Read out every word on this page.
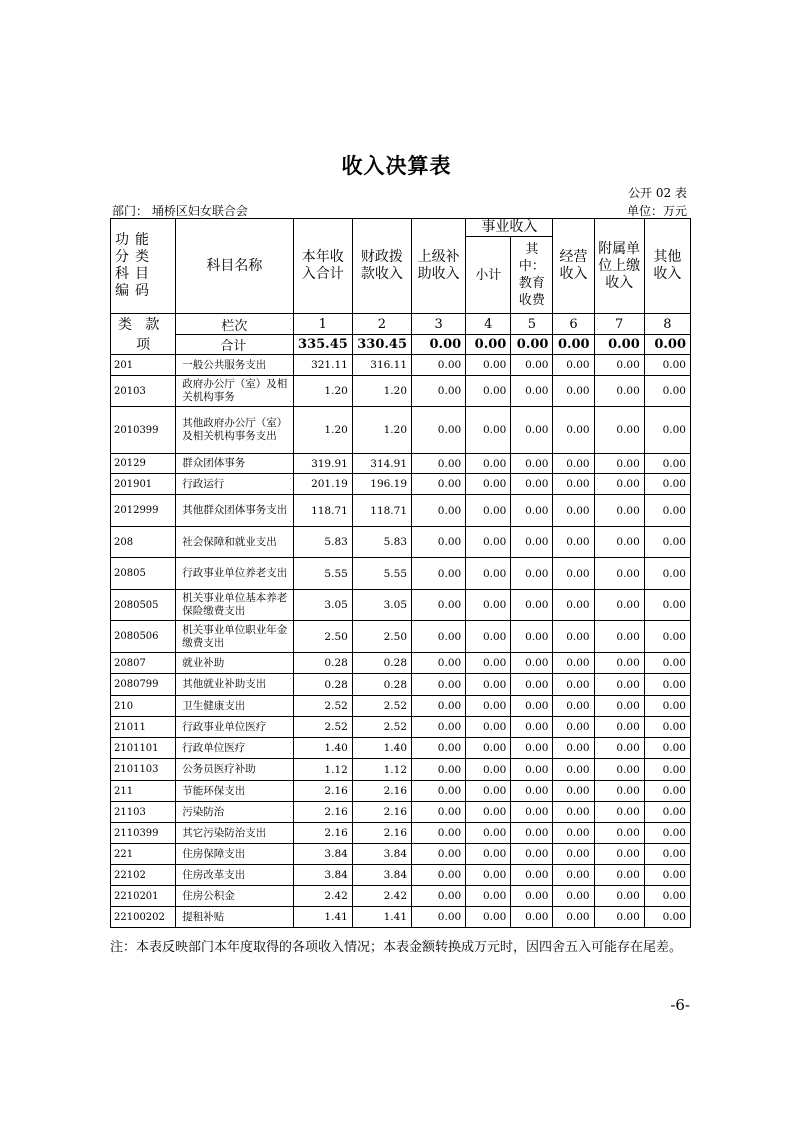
收入决算表
公开 02 表
部门： 埇桥区妇女联合会	单位：万元
功能分类科目编码	科目名称	本年收入合计	财政拨款收入	上级补助收入	事业收入		经营收入	附属单位上缴收入	其他收入
					小计	其中：教育收费			
类 款   项	栏次	1	2	3	4	5	6	7	8
	合计	335.45	330.45	0.00	0.00	0.00	0.00	0.00	0.00
201	一般公共服务支出	321.11	316.11	0.00	0.00	0.00	0.00	0.00	0.00
20103	政府办公厅（室）及相关机构事务	1.20	1.20	0.00	0.00	0.00	0.00	0.00	0.00
2010399	其他政府办公厅（室）及相关机构事务支出	1.20	1.20	0.00	0.00	0.00	0.00	0.00	0.00
20129	群众团体事务	319.91	314.91	0.00	0.00	0.00	0.00	0.00	0.00
201901	行政运行	201.19	196.19	0.00	0.00	0.00	0.00	0.00	0.00
2012999	其他群众团体事务支出	118.71	118.71	0.00	0.00	0.00	0.00	0.00	0.00
208	社会保障和就业支出	5.83	5.83	0.00	0.00	0.00	0.00	0.00	0.00
20805	行政事业单位养老支出	5.55	5.55	0.00	0.00	0.00	0.00	0.00	0.00
2080505	机关事业单位基本养老保险缴费支出	3.05	3.05	0.00	0.00	0.00	0.00	0.00	0.00
2080506	机关事业单位职业年金缴费支出	2.50	2.50	0.00	0.00	0.00	0.00	0.00	0.00
20807	就业补助	0.28	0.28	0.00	0.00	0.00	0.00	0.00	0.00
2080799	其他就业补助支出	0.28	0.28	0.00	0.00	0.00	0.00	0.00	0.00
210	卫生健康支出	2.52	2.52	0.00	0.00	0.00	0.00	0.00	0.00
21011	行政事业单位医疗	2.52	2.52	0.00	0.00	0.00	0.00	0.00	0.00
2101101	行政单位医疗	1.40	1.40	0.00	0.00	0.00	0.00	0.00	0.00
2101103	公务员医疗补助	1.12	1.12	0.00	0.00	0.00	0.00	0.00	0.00
211	节能环保支出	2.16	2.16	0.00	0.00	0.00	0.00	0.00	0.00
21103	污染防治	2.16	2.16	0.00	0.00	0.00	0.00	0.00	0.00
2110399	其它污染防治支出	2.16	2.16	0.00	0.00	0.00	0.00	0.00	0.00
221	住房保障支出	3.84	3.84	0.00	0.00	0.00	0.00	0.00	0.00
22102	住房改革支出	3.84	3.84	0.00	0.00	0.00	0.00	0.00	0.00
2210201	住房公积金	2.42	2.42	0.00	0.00	0.00	0.00	0.00	0.00
22100202	提租补贴	1.41	1.41	0.00	0.00	0.00	0.00	0.00	0.00
注：本表反映部门本年度取得的各项收入情况；本表金额转换成万元时，因四舍五入可能存在尾差。
-6-
